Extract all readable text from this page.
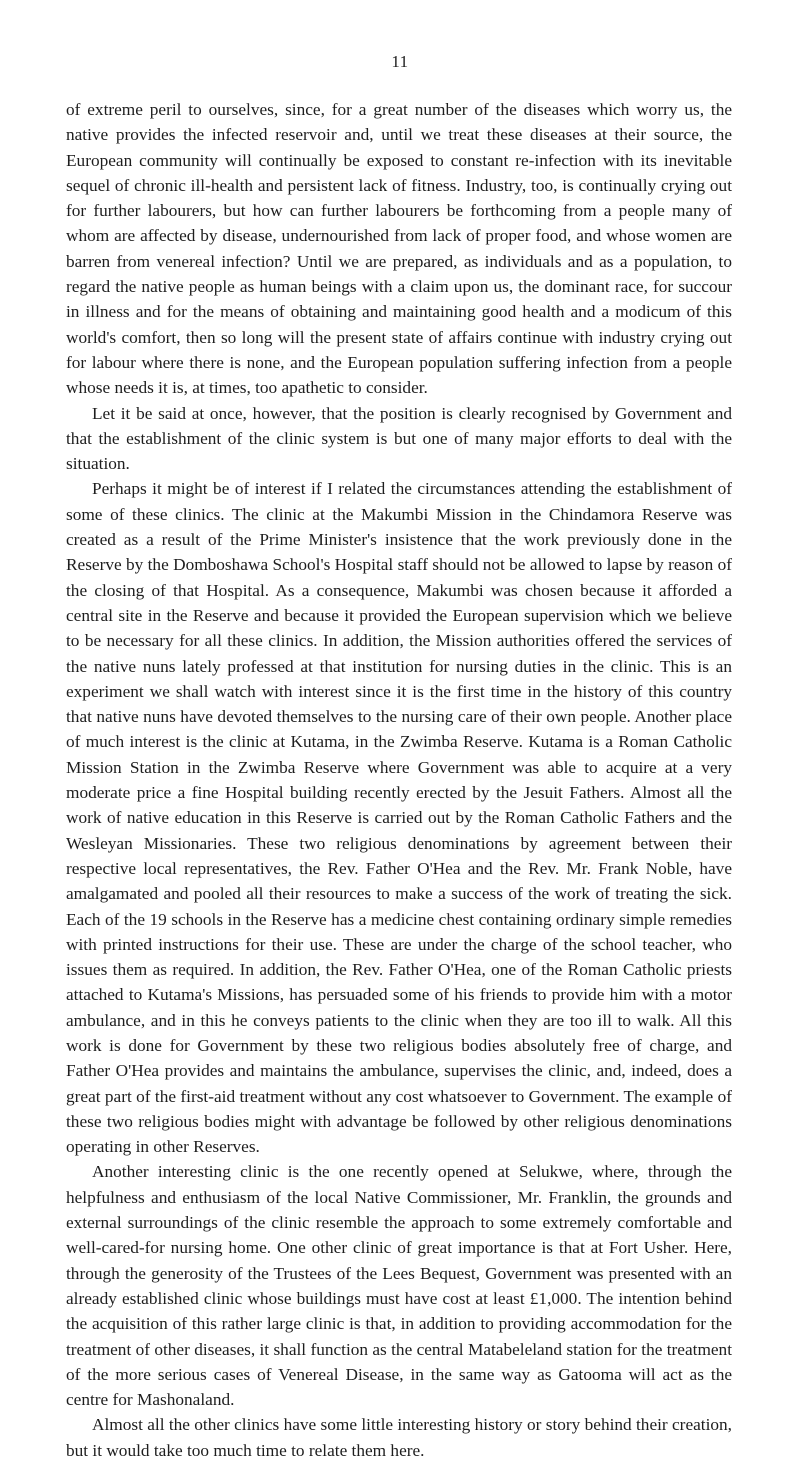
11

of extreme peril to ourselves, since, for a great number of the diseases which worry us, the native provides the infected reservoir and, until we treat these diseases at their source, the European community will continually be exposed to constant re-infection with its inevitable sequel of chronic ill-health and persistent lack of fitness. Industry, too, is continually crying out for further labourers, but how can further labourers be forthcoming from a people many of whom are affected by disease, undernourished from lack of proper food, and whose women are barren from venereal infection? Until we are prepared, as individuals and as a population, to regard the native people as human beings with a claim upon us, the dominant race, for succour in illness and for the means of obtaining and maintaining good health and a modicum of this world's comfort, then so long will the present state of affairs continue with industry crying out for labour where there is none, and the European population suffering infection from a people whose needs it is, at times, too apathetic to consider.

Let it be said at once, however, that the position is clearly recognised by Government and that the establishment of the clinic system is but one of many major efforts to deal with the situation.

Perhaps it might be of interest if I related the circumstances attending the establishment of some of these clinics. The clinic at the Makumbi Mission in the Chindamora Reserve was created as a result of the Prime Minister's insistence that the work previously done in the Reserve by the Domboshawa School's Hospital staff should not be allowed to lapse by reason of the closing of that Hospital. As a consequence, Makumbi was chosen because it afforded a central site in the Reserve and because it provided the European supervision which we believe to be necessary for all these clinics. In addition, the Mission authorities offered the services of the native nuns lately professed at that institution for nursing duties in the clinic. This is an experiment we shall watch with interest since it is the first time in the history of this country that native nuns have devoted themselves to the nursing care of their own people. Another place of much interest is the clinic at Kutama, in the Zwimba Reserve. Kutama is a Roman Catholic Mission Station in the Zwimba Reserve where Government was able to acquire at a very moderate price a fine Hospital building recently erected by the Jesuit Fathers. Almost all the work of native education in this Reserve is carried out by the Roman Catholic Fathers and the Wesleyan Missionaries. These two religious denominations by agreement between their respective local representatives, the Rev. Father O'Hea and the Rev. Mr. Frank Noble, have amalgamated and pooled all their resources to make a success of the work of treating the sick. Each of the 19 schools in the Reserve has a medicine chest containing ordinary simple remedies with printed instructions for their use. These are under the charge of the school teacher, who issues them as required. In addition, the Rev. Father O'Hea, one of the Roman Catholic priests attached to Kutama's Missions, has persuaded some of his friends to provide him with a motor ambulance, and in this he conveys patients to the clinic when they are too ill to walk. All this work is done for Government by these two religious bodies absolutely free of charge, and Father O'Hea provides and maintains the ambulance, supervises the clinic, and, indeed, does a great part of the first-aid treatment without any cost whatsoever to Government. The example of these two religious bodies might with advantage be followed by other religious denominations operating in other Reserves.

Another interesting clinic is the one recently opened at Selukwe, where, through the helpfulness and enthusiasm of the local Native Commissioner, Mr. Franklin, the grounds and external surroundings of the clinic resemble the approach to some extremely comfortable and well-cared-for nursing home. One other clinic of great importance is that at Fort Usher. Here, through the generosity of the Trustees of the Lees Bequest, Government was presented with an already established clinic whose buildings must have cost at least £1,000. The intention behind the acquisition of this rather large clinic is that, in addition to providing accommodation for the treatment of other diseases, it shall function as the central Matabeleland station for the treatment of the more serious cases of Venereal Disease, in the same way as Gatooma will act as the centre for Mashonaland.

Almost all the other clinics have some little interesting history or story behind their creation, but it would take too much time to relate them here.
